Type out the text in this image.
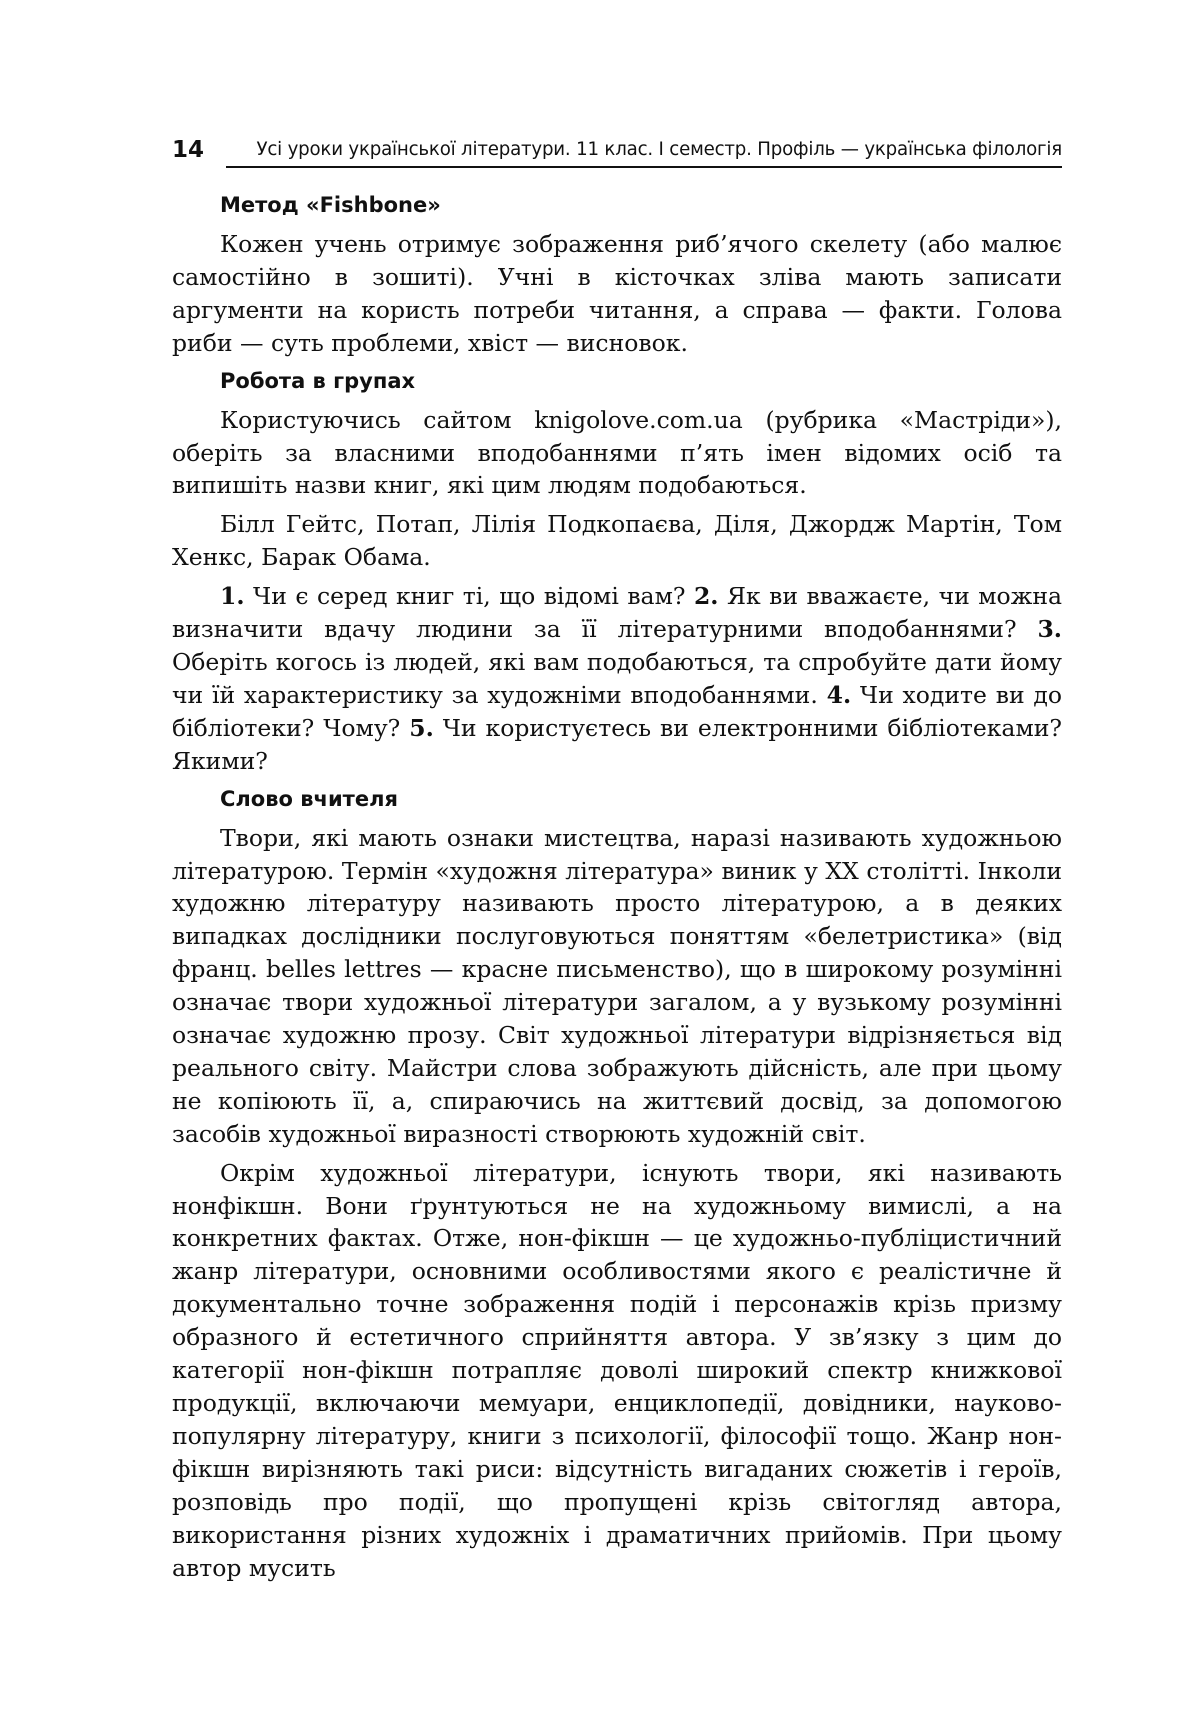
14	Усі уроки української літератури. 11 клас. І семестр. Профіль — українська філологія
Метод «Fishbone»

Кожен учень отримує зображення риб’ячого скелету (або малює самостійно в зошиті). Учні в кісточках зліва мають записати аргументи на користь потреби читання, а справа — факти. Голова риби — суть проблеми, хвіст — висновок.

Робота в групах

Користуючись сайтом knigolove.com.ua (рубрика «Мастріди»), оберіть за власними вподобаннями п’ять імен відомих осіб та випишіть назви книг, які цим людям подобаються.

Білл Гейтс, Потап, Лілія Подкопаєва, Діля, Джордж Мартін, Том Хенкс, Барак Обама.

1. Чи є серед книг ті, що відомі вам? 2. Як ви вважаєте, чи можна визначити вдачу людини за її літературними вподобаннями? 3. Оберіть когось із людей, які вам подобаються, та спробуйте дати йому чи їй характеристику за художніми вподобаннями. 4. Чи ходите ви до бібліотеки? Чому? 5. Чи користуєтесь ви електронними бібліотеками? Якими?

Слово вчителя

Твори, які мають ознаки мистецтва, наразі називають художньою літературою. Термін «художня література» виник у XX столітті. Інколи художню літературу називають просто літературою, а в деяких випадках дослідники послуговуються поняттям «белетристика» (від франц. belles lettres — красне письменство), що в широкому розумінні означає твори художньої літератури загалом, а у вузькому розумінні означає художню прозу. Світ художньої літератури відрізняється від реального світу. Майстри слова зображують дійсність, але при цьому не копіюють її, а, спираючись на життєвий досвід, за допомогою засобів художньої виразності створюють художній світ.

Окрім художньої літератури, існують твори, які називають нонфікшн. Вони ґрунтуються не на художньому вимислі, а на конкретних фактах. Отже, нон-фікшн — це художньо-публіцистичний жанр літератури, основними особливостями якого є реалістичне й документально точне зображення подій і персонажів крізь призму образного й естетичного сприйняття автора. У зв’язку з цим до категорії нон-фікшн потрапляє доволі широкий спектр книжкової продукції, включаючи мемуари, енциклопедії, довідники, науково-популярну літературу, книги з психології, філософії тощо. Жанр нон-фікшн вирізняють такі риси: відсутність вигаданих сюжетів і героїв, розповідь про події, що пропущені крізь світогляд автора, використання різних художніх і драматичних прийомів. При цьому автор мусить
